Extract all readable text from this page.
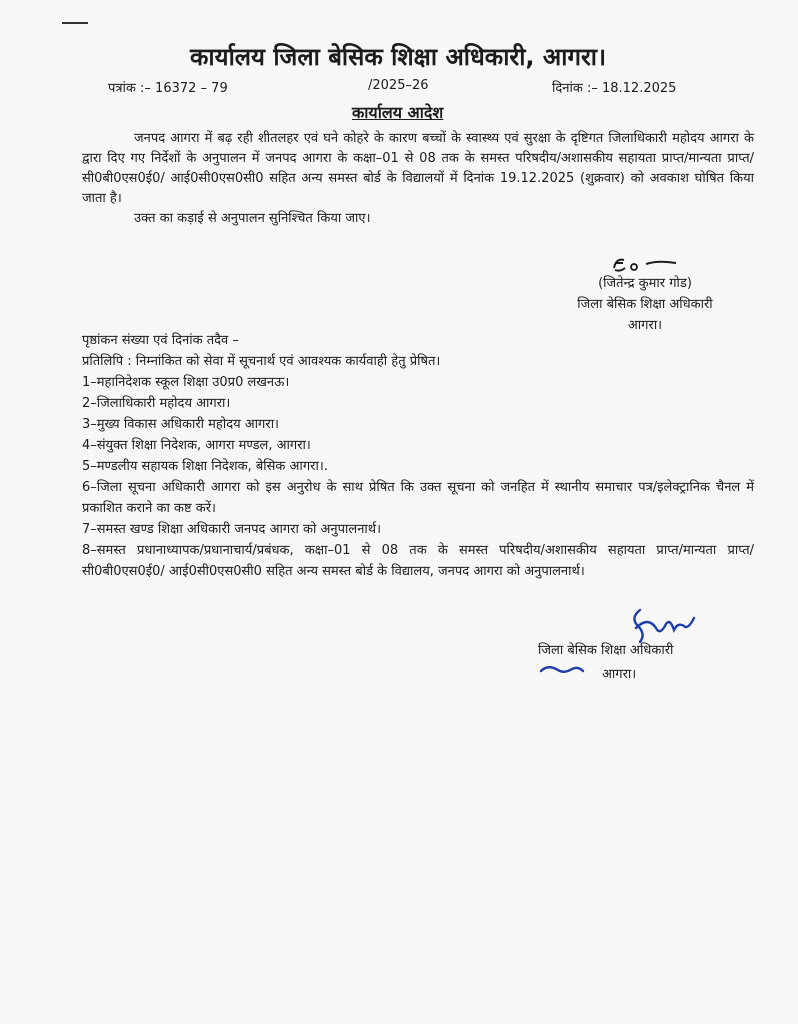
कार्यालय जिला बेसिक शिक्षा अधिकारी, आगरा।
पत्रांक :– 16372 – 79	/2025–26	दिनांक :– 18.12.2025
कार्यालय आदेश

जनपद आगरा में बढ़ रही शीतलहर एवं घने कोहरे के कारण बच्चों के स्वास्थ्य एवं सुरक्षा के दृष्टिगत जिलाधिकारी महोदय आगरा के द्वारा दिए गए निर्देशों के अनुपालन में जनपद आगरा के कक्षा–01 से 08 तक के समस्त परिषदीय/अशासकीय सहायता प्राप्त/मान्यता प्राप्त/सी0बी0एस0ई0/ आई0सी0एस0सी0 सहित अन्य समस्त बोर्ड के विद्यालयों में दिनांक 19.12.2025 (शुक्रवार) को अवकाश घोषित किया जाता है।

उक्त का कड़ाई से अनुपालन सुनिश्चित किया जाए।

(जितेन्द्र कुमार गोड)
जिला बेसिक शिक्षा अधिकारी
आगरा।

पृष्ठांकन संख्या एवं दिनांक तदैव –

प्रतिलिपि : निम्नांकित को सेवा में सूचनार्थ एवं आवश्यक कार्यवाही हेतु प्रेषित।

1–महानिदेशक स्कूल शिक्षा उ0प्र0 लखनऊ।

2–जिलाधिकारी महोदय आगरा।

3–मुख्य विकास अधिकारी महोदय आगरा।

4–संयुक्त शिक्षा निदेशक, आगरा मण्डल, आगरा।

5–मण्डलीय सहायक शिक्षा निदेशक, बेसिक आगरा।.

6–जिला सूचना अधिकारी आगरा को इस अनुरोध के साथ प्रेषित कि उक्त सूचना को जनहित में स्थानीय समाचार पत्र/इलेक्ट्रानिक चैनल में प्रकाशित कराने का कष्ट करें।

7–समस्त खण्ड शिक्षा अधिकारी जनपद आगरा को अनुपालनार्थ।

8–समस्त प्रधानाध्यापक/प्रधानाचार्य/प्रबंधक, कक्षा–01 से 08 तक के समस्त परिषदीय/अशासकीय सहायता प्राप्त/मान्यता प्राप्त/सी0बी0एस0ई0/ आई0सी0एस0सी0 सहित अन्य समस्त बोर्ड के विद्यालय, जनपद आगरा को अनुपालनार्थ।

जिला बेसिक शिक्षा अधिकारी
आगरा।
